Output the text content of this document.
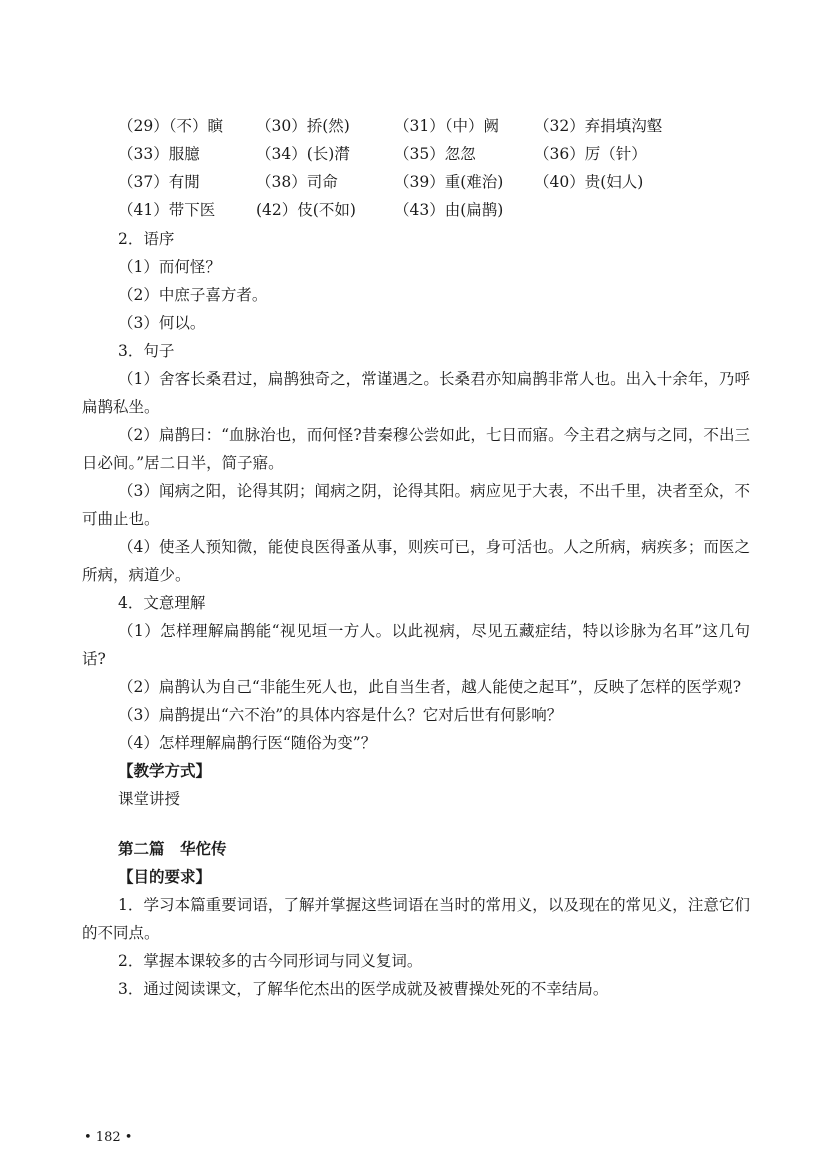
（29）（不）瞚	（30）挢(然)	（31）（中）阙	（32）弃捐填沟壑
（33）服臆	（34）(长)潸	（35）忽忽	（36）厉（针）
（37）有閒	（38）司命	（39）重(难治)	（40）贵(妇人)
（41）带下医	(42）伎(不如)	（43）由(扁鹊)

2．语序

（1）而何怪？

（2）中庶子喜方者。

（3）何以。

3．句子

（1）舍客长桑君过，扁鹊独奇之，常谨遇之。长桑君亦知扁鹊非常人也。出入十余年，乃呼扁鹊私坐。

（2）扁鹊曰：“血脉治也，而何怪?昔秦穆公尝如此，七日而寤。今主君之病与之同，不出三日必间。”居二日半，简子寤。

（3）闻病之阳，论得其阴；闻病之阴，论得其阳。病应见于大表，不出千里，决者至众，不可曲止也。

（4）使圣人预知微，能使良医得蚤从事，则疾可已，身可活也。人之所病，病疾多；而医之所病，病道少。

4．文意理解

（1）怎样理解扁鹊能“视见垣一方人。以此视病，尽见五藏症结，特以诊脉为名耳”这几句话?

（2）扁鹊认为自己“非能生死人也，此自当生者，越人能使之起耳”，反映了怎样的医学观?

（3）扁鹊提出“六不治”的具体内容是什么？它对后世有何影响？

（4）怎样理解扁鹊行医“随俗为变”？

【教学方式】

课堂讲授

第二篇　华佗传

【目的要求】

1．学习本篇重要词语，了解并掌握这些词语在当时的常用义，以及现在的常见义，注意它们的不同点。

2．掌握本课较多的古今同形词与同义复词。

3．通过阅读课文，了解华佗杰出的医学成就及被曹操处死的不幸结局。

• 182 •
